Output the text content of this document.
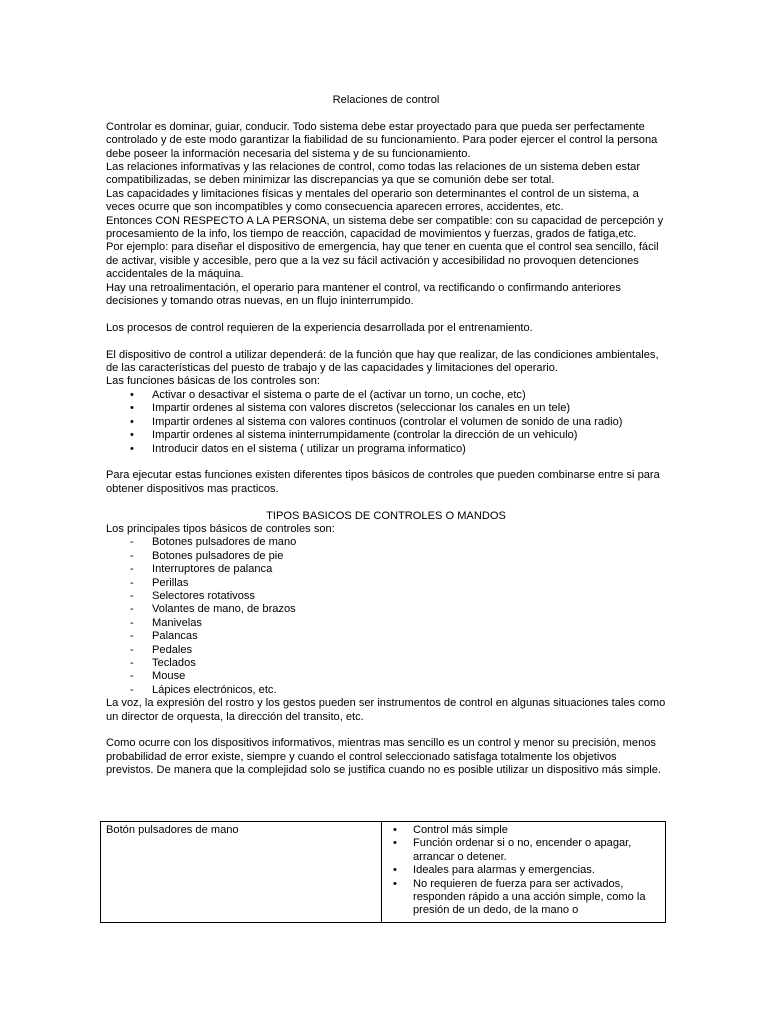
Relaciones de control

Controlar es dominar, guiar, conducir. Todo sistema debe estar proyectado para que pueda ser perfectamente controlado y de este modo garantizar la fiabilidad de su funcionamiento. Para poder ejercer el control la persona debe poseer la información necesaria del sistema y de su funcionamiento.

Las relaciones informativas y las relaciones de control, como todas las relaciones de un sistema deben estar compatibilizadas, se deben minimizar las discrepancias ya que se comunión debe ser total.

Las capacidades y limitaciones físicas y mentales del operario son determinantes el control de un sistema, a veces ocurre que son incompatibles y como consecuencia aparecen errores, accidentes, etc.

Entonces CON RESPECTO A LA PERSONA, un sistema debe ser compatible: con su capacidad de percepción y procesamiento de la info, los tiempo de reacción, capacidad de movimientos y fuerzas, grados de fatiga,etc.

Por ejemplo: para diseñar el dispositivo de emergencia, hay que tener en cuenta que el control sea sencillo, fácil de activar, visible y accesible, pero que a la vez su fácil activación y accesibilidad no provoquen detenciones accidentales de la máquina.

Hay una retroalimentación, el operario para mantener el control, va rectificando o confirmando anteriores decisiones y tomando otras nuevas, en un flujo ininterrumpido.

Los procesos de control requieren de la experiencia desarrollada por el entrenamiento.

El dispositivo de control a utilizar dependerá: de la función que hay que realizar, de las condiciones ambientales, de las características del puesto de trabajo y de las capacidades y limitaciones del operario.

Las funciones básicas de los controles son:

• Activar o desactivar el sistema o parte de el (activar un torno, un coche, etc)
• Impartir ordenes al sistema con valores discretos (seleccionar los canales en un tele)
• Impartir ordenes al sistema con valores continuos (controlar el volumen de sonido de una radio)
• Impartir ordenes al sistema ininterrumpidamente (controlar la dirección de un vehiculo)
• Introducir datos en el sistema ( utilizar un programa informatico)

Para ejecutar estas funciones existen diferentes tipos básicos de controles que pueden combinarse entre si para obtener dispositivos mas practicos.

TIPOS BASICOS DE CONTROLES O MANDOS

Los principales tipos básicos de controles son:

- Botones pulsadores de mano
- Botones pulsadores de pie
- Interruptores de palanca
- Perillas
- Selectores rotativoss
- Volantes de mano, de brazos
- Manivelas
- Palancas
- Pedales
- Teclados
- Mouse
- Lápices electrónicos, etc.

La voz, la expresión del rostro y los gestos pueden ser instrumentos de control en algunas situaciones tales como un director de orquesta, la dirección del transito, etc.

Como ocurre con los dispositivos informativos, mientras mas sencillo es un control y menor su precisión, menos probabilidad de error existe, siempre y cuando el control seleccionado satisfaga totalmente los objetivos previstos. De manera que la complejidad solo se justifica cuando no es posible utilizar un dispositivo más simple.

Botón pulsadores de mano	• Control más simple
• Función ordenar si o no, encender o apagar, arrancar o detener.
• Ideales para alarmas y emergencias.
• No requieren de fuerza para ser activados, responden rápido a una acción simple, como la presión de un dedo, de la mano o
